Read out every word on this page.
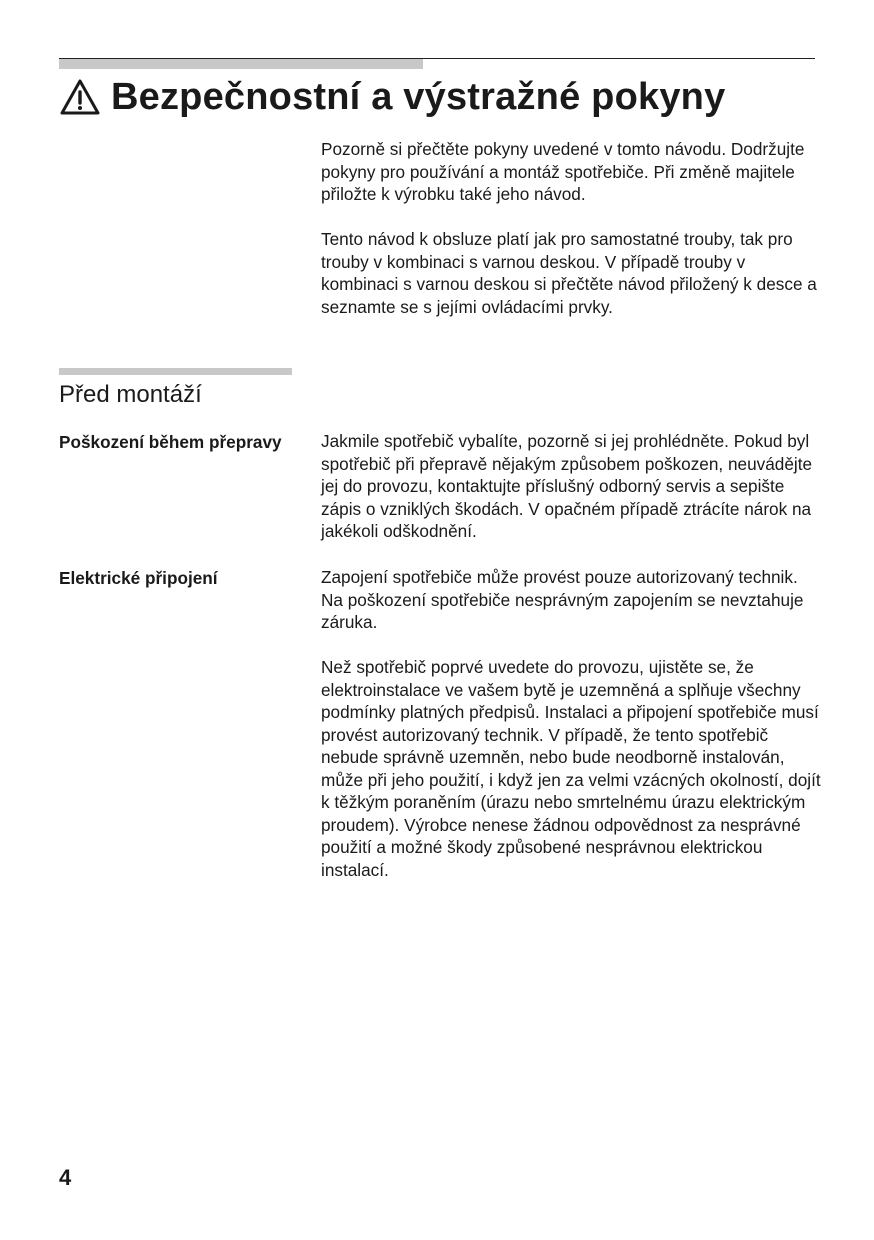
Bezpečnostní a výstražné pokyny

Pozorně si přečtěte pokyny uvedené v tomto návodu. Dodržujte pokyny pro používání a montáž spotřebiče. Při změně majitele přiložte k výrobku také jeho návod.

Tento návod k obsluze platí jak pro samostatné trouby, tak pro trouby v kombinaci s varnou deskou. V případě trouby v kombinaci s varnou deskou si přečtěte návod přiložený k desce a seznamte se s jejími ovládacími prvky.

Před montáží

Poškození během přepravy	Jakmile spotřebič vybalíte, pozorně si jej prohlédněte. Pokud byl spotřebič při přepravě nějakým způsobem poškozen, neuvádějte jej do provozu, kontaktujte příslušný odborný servis a sepište zápis o vzniklých škodách. V opačném případě ztrácíte nárok na jakékoli odškodnění.

Elektrické připojení	Zapojení spotřebiče může provést pouze autorizovaný technik. Na poškození spotřebiče nesprávným zapojením se nevztahuje záruka.

Než spotřebič poprvé uvedete do provozu, ujistěte se, že elektroinstalace ve vašem bytě je uzemněná a splňuje všechny podmínky platných předpisů. Instalaci a připojení spotřebiče musí provést autorizovaný technik. V případě, že tento spotřebič nebude správně uzemněn, nebo bude neodborně instalován, může při jeho použití, i když jen za velmi vzácných okolností, dojít k těžkým poraněním (úrazu nebo smrtelnému úrazu elektrickým proudem). Výrobce nenese žádnou odpovědnost za nesprávné použití a možné škody způsobené nesprávnou elektrickou instalací.

4
